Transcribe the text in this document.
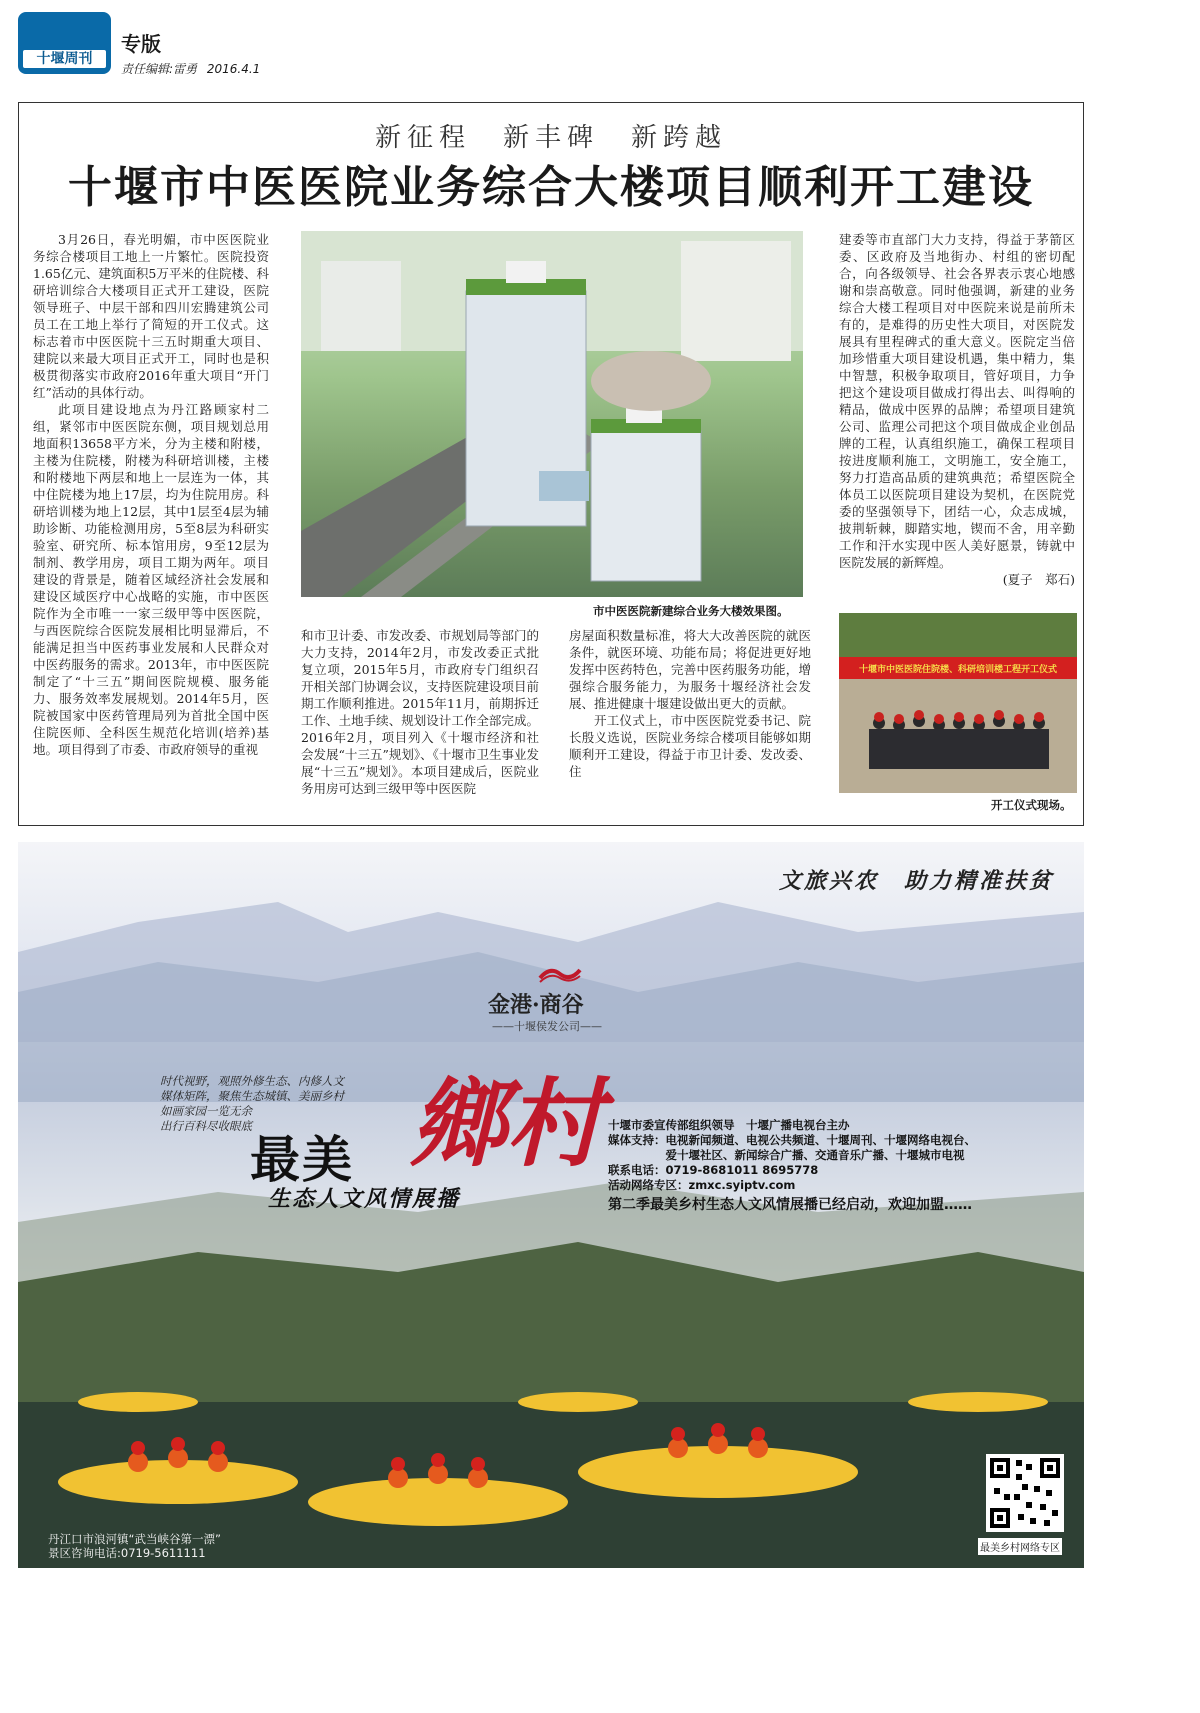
十堰周刊
专版
责任编辑:雷勇 2016.4.1
新征程　新丰碑　新跨越
十堰市中医医院业务综合大楼项目顺利开工建设

3月26日，春光明媚，市中医医院业务综合楼项目工地上一片繁忙。医院投资1.65亿元、建筑面积5万平米的住院楼、科研培训综合大楼项目正式开工建设，医院领导班子、中层干部和四川宏腾建筑公司员工在工地上举行了简短的开工仪式。这标志着市中医医院十三五时期重大项目、建院以来最大项目正式开工，同时也是积极贯彻落实市政府2016年重大项目“开门红”活动的具体行动。

此项目建设地点为丹江路顾家村二组，紧邻市中医医院东侧，项目规划总用地面积13658平方米，分为主楼和附楼，主楼为住院楼，附楼为科研培训楼，主楼和附楼地下两层和地上一层连为一体，其中住院楼为地上17层，均为住院用房。科研培训楼为地上12层，其中1层至4层为辅助诊断、功能检测用房，5至8层为科研实验室、研究所、标本馆用房，9至12层为制剂、教学用房，项目工期为两年。项目建设的背景是，随着区域经济社会发展和建设区域医疗中心战略的实施，市中医医院作为全市唯一一家三级甲等中医医院，与西医院综合医院发展相比明显滞后，不能满足担当中医药事业发展和人民群众对中医药服务的需求。2013年，市中医医院制定了“十三五”期间医院规模、服务能力、服务效率发展规划。2014年5月，医院被国家中医药管理局列为首批全国中医住院医师、全科医生规范化培训(培养)基地。项目得到了市委、市政府领导的重视

市中医医院新建综合业务大楼效果图。

和市卫计委、市发改委、市规划局等部门的大力支持，2014年2月，市发改委正式批复立项，2015年5月，市政府专门组织召开相关部门协调会议，支持医院建设项目前期工作顺利推进。2015年11月，前期拆迁工作、土地手续、规划设计工作全部完成。2016年2月，项目列入《十堰市经济和社会发展“十三五”规划》、《十堰市卫生事业发展“十三五”规划》。本项目建成后，医院业务用房可达到三级甲等中医医院

房屋面积数量标准，将大大改善医院的就医条件，就医环境、功能布局；将促进更好地发挥中医药特色，完善中医药服务功能，增强综合服务能力，为服务十堰经济社会发展、推进健康十堰建设做出更大的贡献。

开工仪式上，市中医医院党委书记、院长殷义选说，医院业务综合楼项目能够如期顺利开工建设，得益于市卫计委、发改委、住

建委等市直部门大力支持，得益于茅箭区委、区政府及当地街办、村组的密切配合，向各级领导、社会各界表示衷心地感谢和崇高敬意。同时他强调，新建的业务综合大楼工程项目对中医院来说是前所未有的，是难得的历史性大项目，对医院发展具有里程碑式的重大意义。医院定当倍加珍惜重大项目建设机遇，集中精力，集中智慧，积极争取项目，管好项目，力争把这个建设项目做成打得出去、叫得响的精品，做成中医界的品牌；希望项目建筑公司、监理公司把这个项目做成企业创品牌的工程，认真组织施工，确保工程项目按进度顺利施工，文明施工，安全施工，努力打造高品质的建筑典范；希望医院全体员工以医院项目建设为契机，在医院党委的坚强领导下，团结一心，众志成城，披荆斩棘，脚踏实地，锲而不舍，用辛勤工作和汗水实现中医人美好愿景，铸就中医院发展的新辉煌。

(夏子　郑石)
十堰市中医医院住院楼、科研培训楼工程开工仪式
开工仪式现场。
文旅兴农　助力精准扶贫
金港·商谷
——十堰侯发公司——
时代视野，观照外修生态、内修人文
媒体矩阵，聚焦生态城镇、美丽乡村
如画家园一览无余
出行百科尽收眼底	鄉村
最美
生态人文风情展播
十堰市委宣传部组织领导　十堰广播电视台主办
媒体支持：电视新闻频道、电视公共频道、十堰周刊、十堰网络电视台、
　　　　　爱十堰社区、新闻综合广播、交通音乐广播、十堰城市电视
联系电话：0719-8681011 8695778
活动网络专区：zmxc.syiptv.com
第二季最美乡村生态人文风情展播已经启动，欢迎加盟……
丹江口市浪河镇“武当峡谷第一漂”
景区咨询电话:0719-5611111	最美乡村网络专区
